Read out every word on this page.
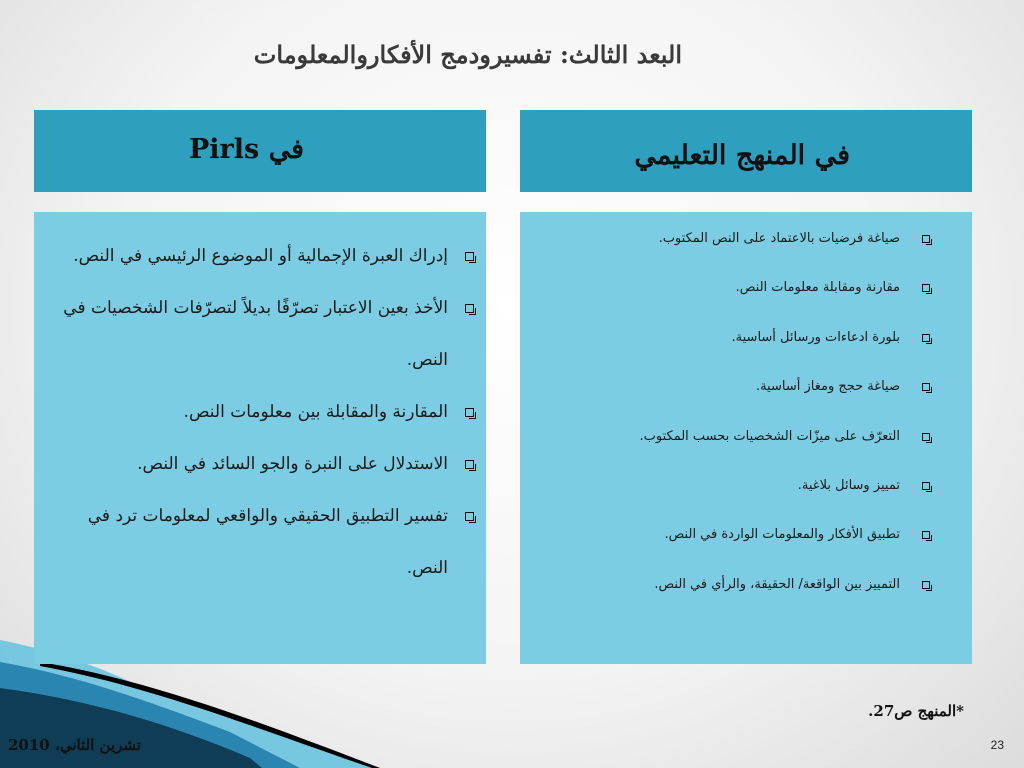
البعد الثالث: تفسيرودمج الأفكاروالمعلومات
في المنهج التعليمي
في Pirls
صياغة فرضيات بالاعتماد على النص المكتوب.
مقارنة ومقابلة معلومات النص.
بلورة ادعاءات ورسائل أساسية.
صياغة حجج ومغاز أساسية.
التعرّف على ميزّات الشخصيات بحسب المكتوب.
تمييز وسائل بلاغية.
تطبيق الأفكار والمعلومات الواردة في النص.
التمييز بين الواقعة/ الحقيقة، والرأي في النص.
إدراك العبرة الإجمالية أو الموضوع الرئيسي في النص.
الأخذ بعين الاعتبار تصرّفًا بديلاً لتصرّفات الشخصيات في النص.
المقارنة والمقابلة بين معلومات النص.
الاستدلال على النبرة والجو السائد في النص.
تفسير التطبيق الحقيقي والواقعي لمعلومات ترد في النص.
*المنهج ص27.
تشرين الثاني، 2010	23
